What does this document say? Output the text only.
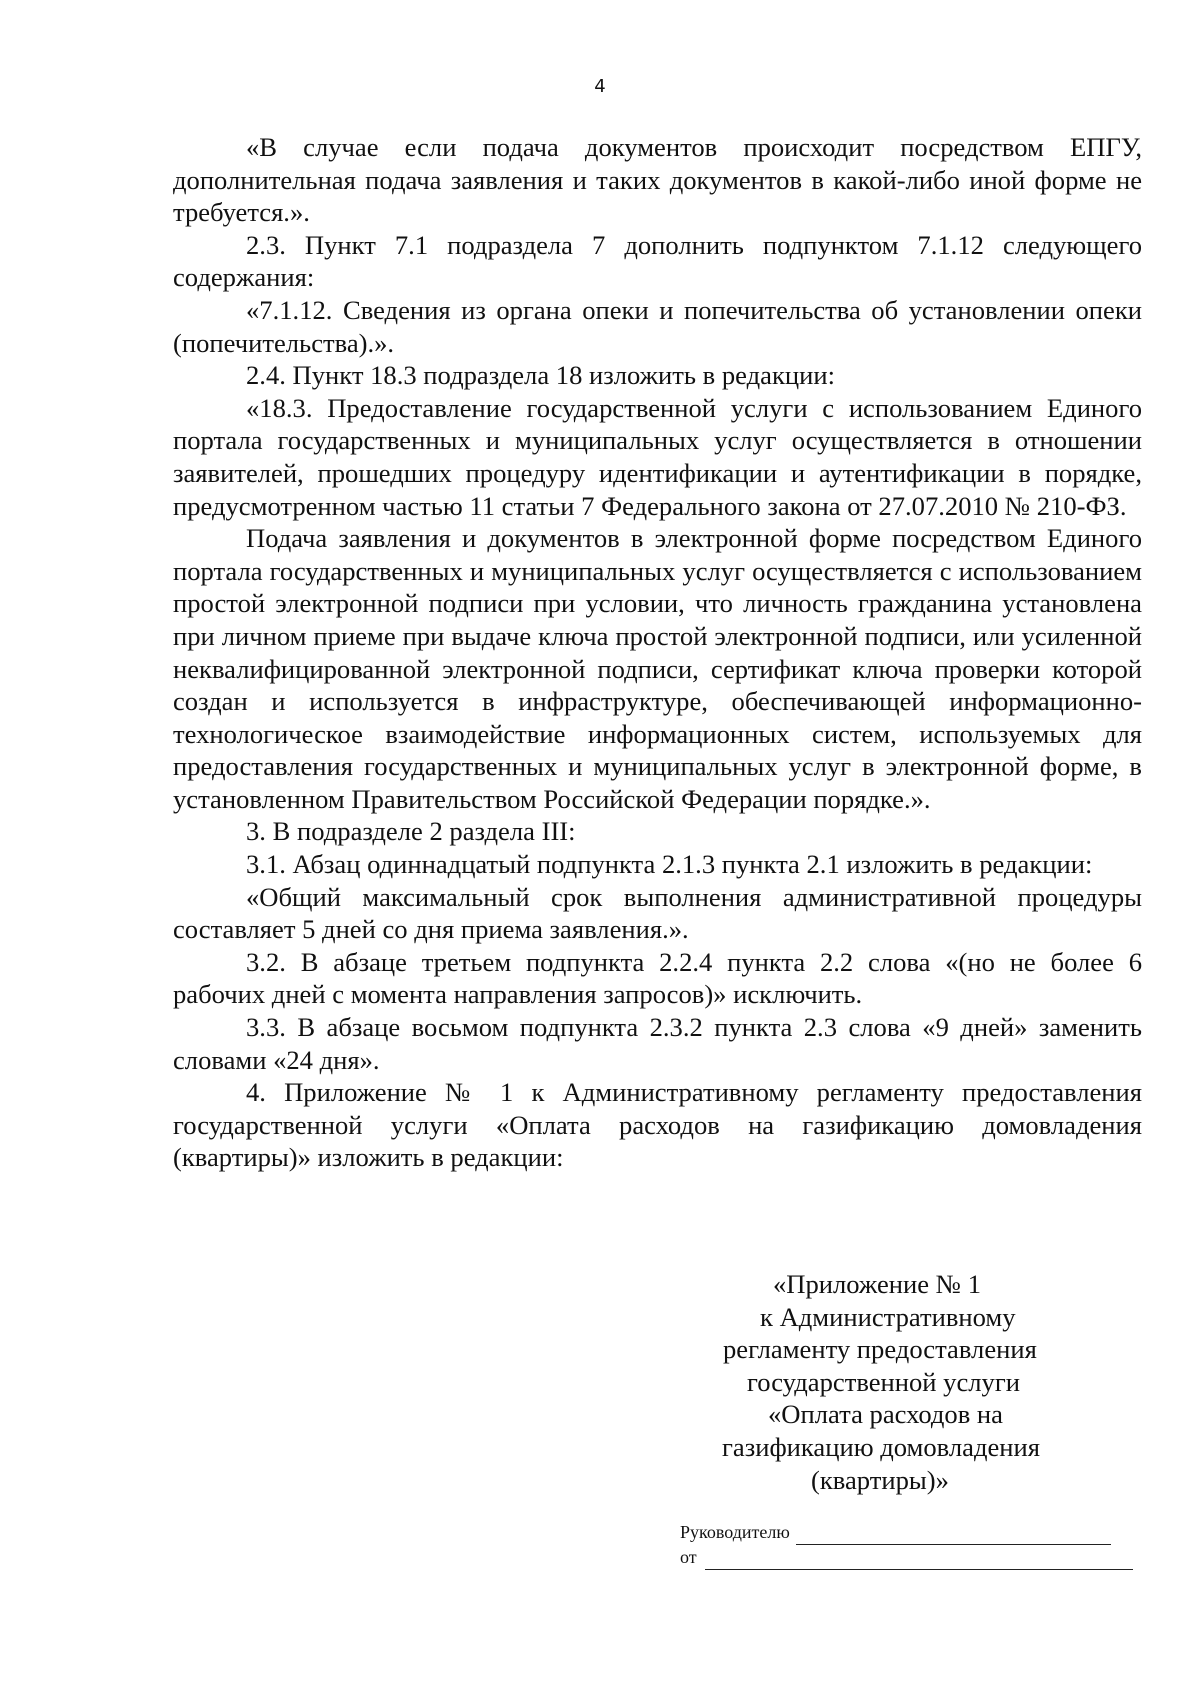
4

«В случае если подача документов происходит посредством ЕПГУ, дополнительная подача заявления и таких документов в какой-либо иной форме не требуется.».

2.3. Пункт 7.1 подраздела 7 дополнить подпунктом 7.1.12 следующего содержания:

«7.1.12. Сведения из органа опеки и попечительства об установлении опеки (попечительства).».

2.4. Пункт 18.3 подраздела 18 изложить в редакции:

«18.3. Предоставление государственной услуги с использованием Единого портала государственных и муниципальных услуг осуществляется в отношении заявителей, прошедших процедуру идентификации и аутентификации в порядке, предусмотренном частью 11 статьи 7 Федерального закона от 27.07.2010 № 210-ФЗ.

Подача заявления и документов в электронной форме посредством Единого портала государственных и муниципальных услуг осуществляется с использованием простой электронной подписи при условии, что личность гражданина установлена при личном приеме при выдаче ключа простой электронной подписи, или усиленной неквалифицированной электронной подписи, сертификат ключа проверки которой создан и используется в инфраструктуре, обеспечивающей информационно-технологическое взаимодействие информационных систем, используемых для предоставления государственных и муниципальных услуг в электронной форме, в установленном Правительством Российской Федерации порядке.».

3. В подразделе 2 раздела III:

3.1. Абзац одиннадцатый подпункта 2.1.3 пункта 2.1 изложить в редакции:

«Общий максимальный срок выполнения административной процедуры составляет 5 дней со дня приема заявления.».

3.2. В абзаце третьем подпункта 2.2.4 пункта 2.2 слова «(но не более 6 рабочих дней с момента направления запросов)» исключить.

3.3. В абзаце восьмом подпункта 2.3.2 пункта 2.3 слова «9 дней» заменить словами «24 дня».

4. Приложение № 1 к Административному регламенту предоставления государственной услуги «Оплата расходов на газификацию домовладения (квартиры)» изложить в редакции:

«Приложение № 1
к Административному
регламенту предоставления
государственной услуги
«Оплата расходов на
газификацию домовладения
(квартиры)»
Руководителю
от
